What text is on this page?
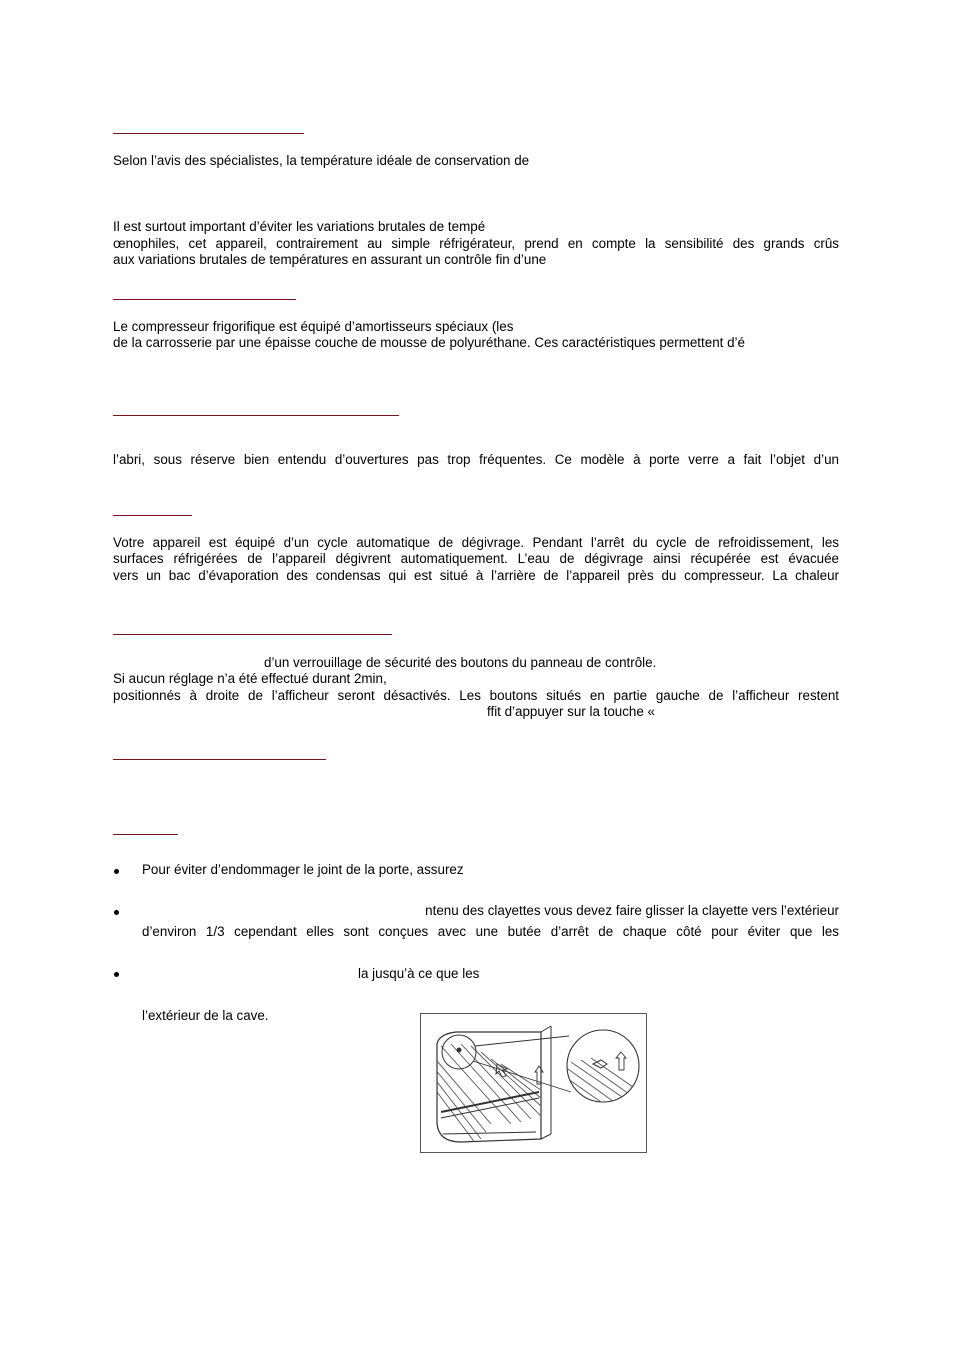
Selon l’avis des spécialistes, la température idéale de conservation de
Il est surtout important d’éviter les variations brutales de tempé
œnophiles, cet appareil, contrairement au simple réfrigérateur, prend en compte la sensibilité des grands crûs
aux variations brutales de températures en assurant un contrôle fin d’une
Le compresseur frigorifique est équipé d’amortisseurs spéciaux (les
de la carrosserie par une épaisse couche de mousse de polyuréthane. Ces caractéristiques permettent d’é
l’abri, sous réserve bien entendu d’ouvertures pas trop fréquentes. Ce modèle à porte verre a fait l’objet d’un
Votre appareil est équipé d’un cycle automatique de dégivrage. Pendant l’arrêt du cycle de refroidissement, les
surfaces réfrigérées de l’appareil dégivrent automatiquement. L’eau de dégivrage ainsi récupérée est évacuée
vers un bac d’évaporation des condensas qui est situé à l’arrière de l’appareil près du compresseur. La chaleur
d’un verrouillage de sécurité des boutons du panneau de contrôle.
Si aucun réglage n’a été effectué durant 2min,
positionnés à droite de l’afficheur seront désactivés. Les boutons situés en partie gauche de l’afficheur restent
ffit d’appuyer sur la touche «
Pour éviter d’endommager le joint de la porte, assurez
ntenu des clayettes vous devez faire glisser la clayette vers l’extérieur
d’environ 1/3 cependant elles sont conçues avec une butée d’arrêt de chaque côté pour éviter que les
la jusqu’à ce que les
l’extérieur de la cave.
